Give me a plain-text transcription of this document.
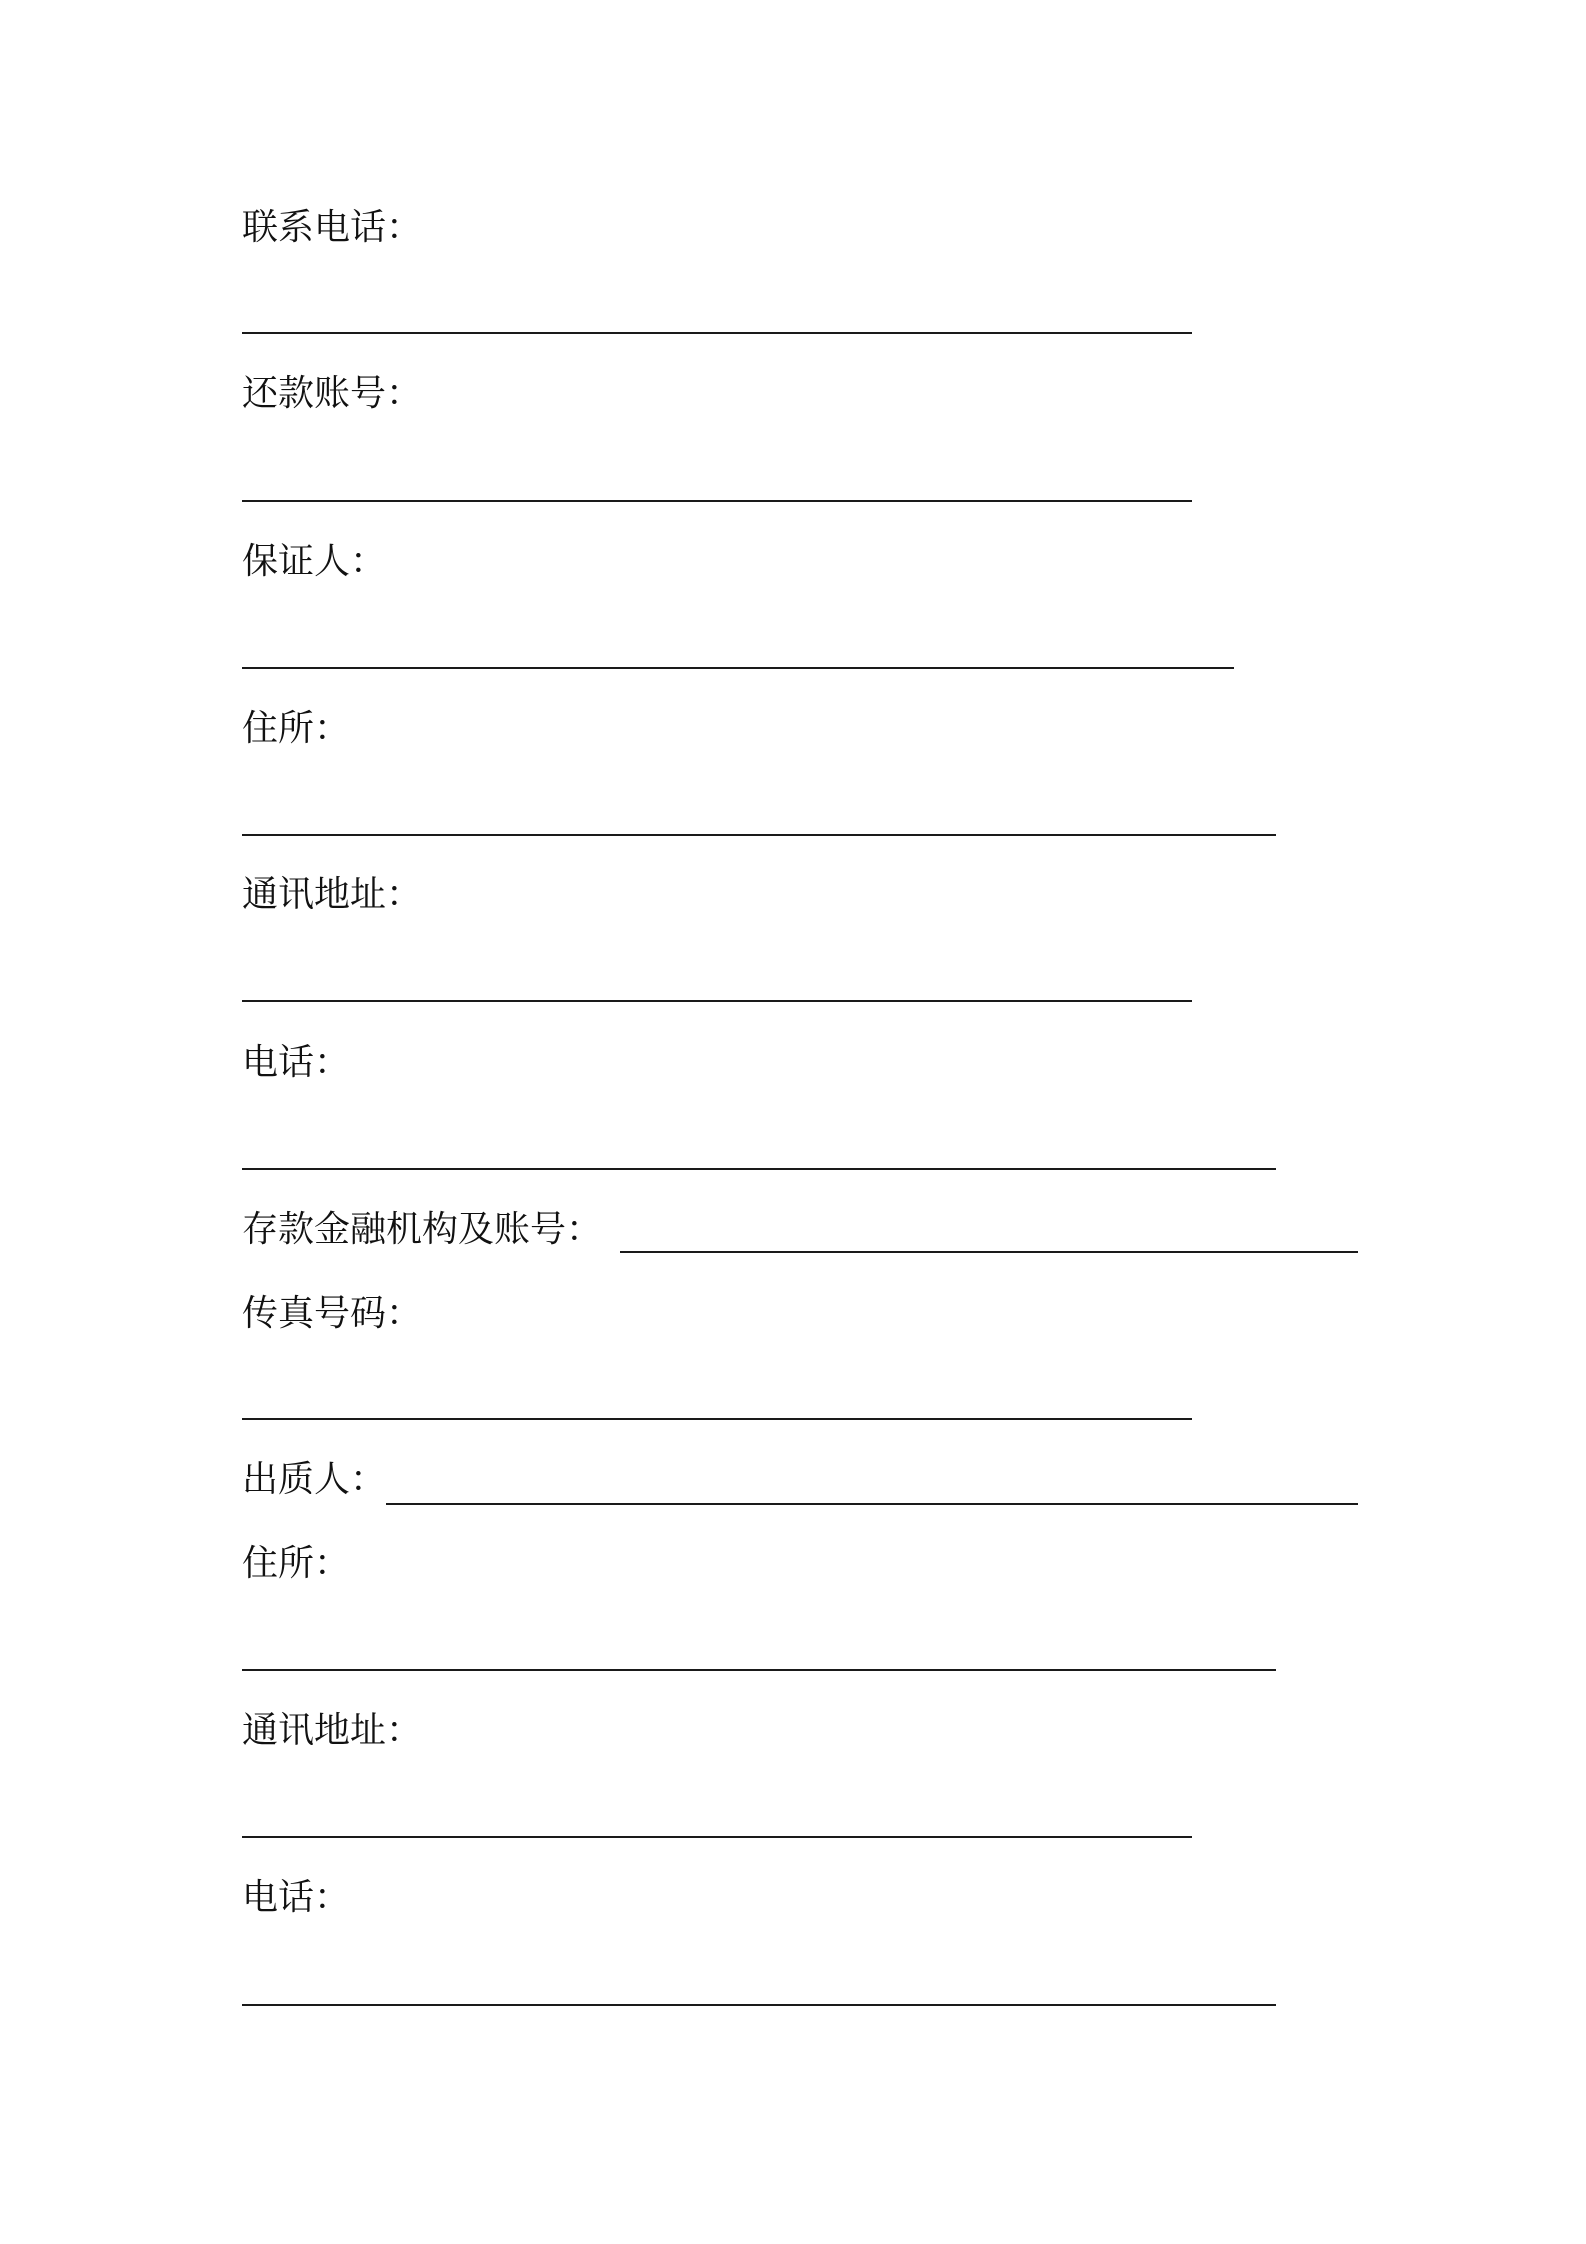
联系电话：
还款账号：
保证人：
住所：
通讯地址：
电话：
存款金融机构及账号：
传真号码：
出质人：
住所：
通讯地址：
电话：
